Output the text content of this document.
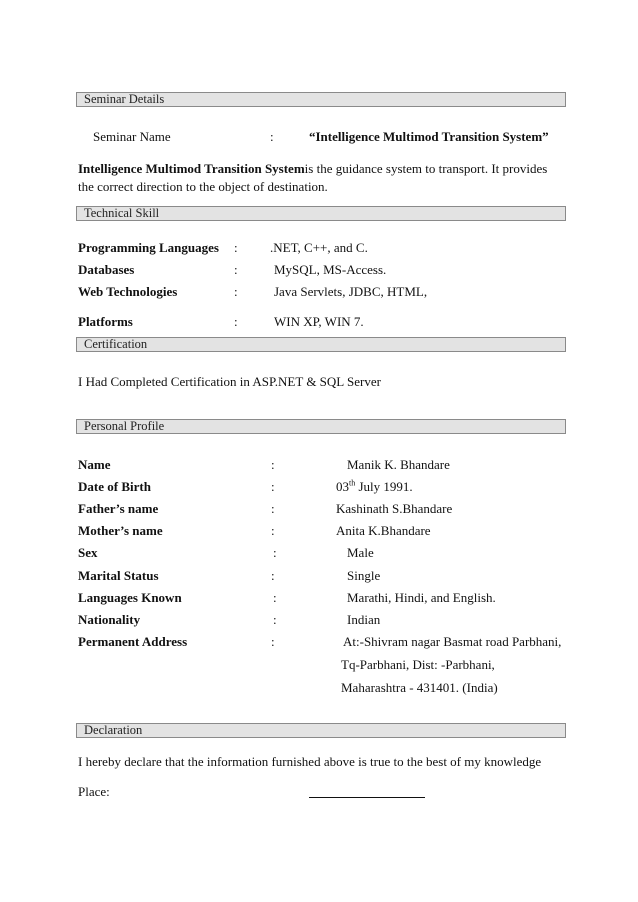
Seminar Details
Seminar Name	:	“Intelligence Multimod Transition System”
Intelligence Multimod Transition Systemis the guidance system to transport. It provides the correct direction to the object of destination.
Technical Skill
Programming Languages : .NET, C++, and C.
Databases	:	MySQL, MS-Access.
Web Technologies	:	Java Servlets, JDBC, HTML,
Platforms	:	WIN XP, WIN 7.
Certification
I Had Completed Certification in ASP.NET & SQL Server
Personal Profile
Name	:	Manik K. Bhandare
Date of Birth	:	03th July 1991.
Father’s name	:	Kashinath S.Bhandare
Mother’s name	:	Anita K.Bhandare
Sex	:	Male
Marital Status	:	Single
Languages Known	:	Marathi, Hindi, and English.
Nationality	:	Indian
Permanent Address	:	At:-Shivram nagar Basmat road Parbhani,
Tq-Parbhani, Dist: -Parbhani,
Maharashtra - 431401. (India)
Declaration
I hereby declare that the information furnished above is true to the best of my knowledge
Place:
